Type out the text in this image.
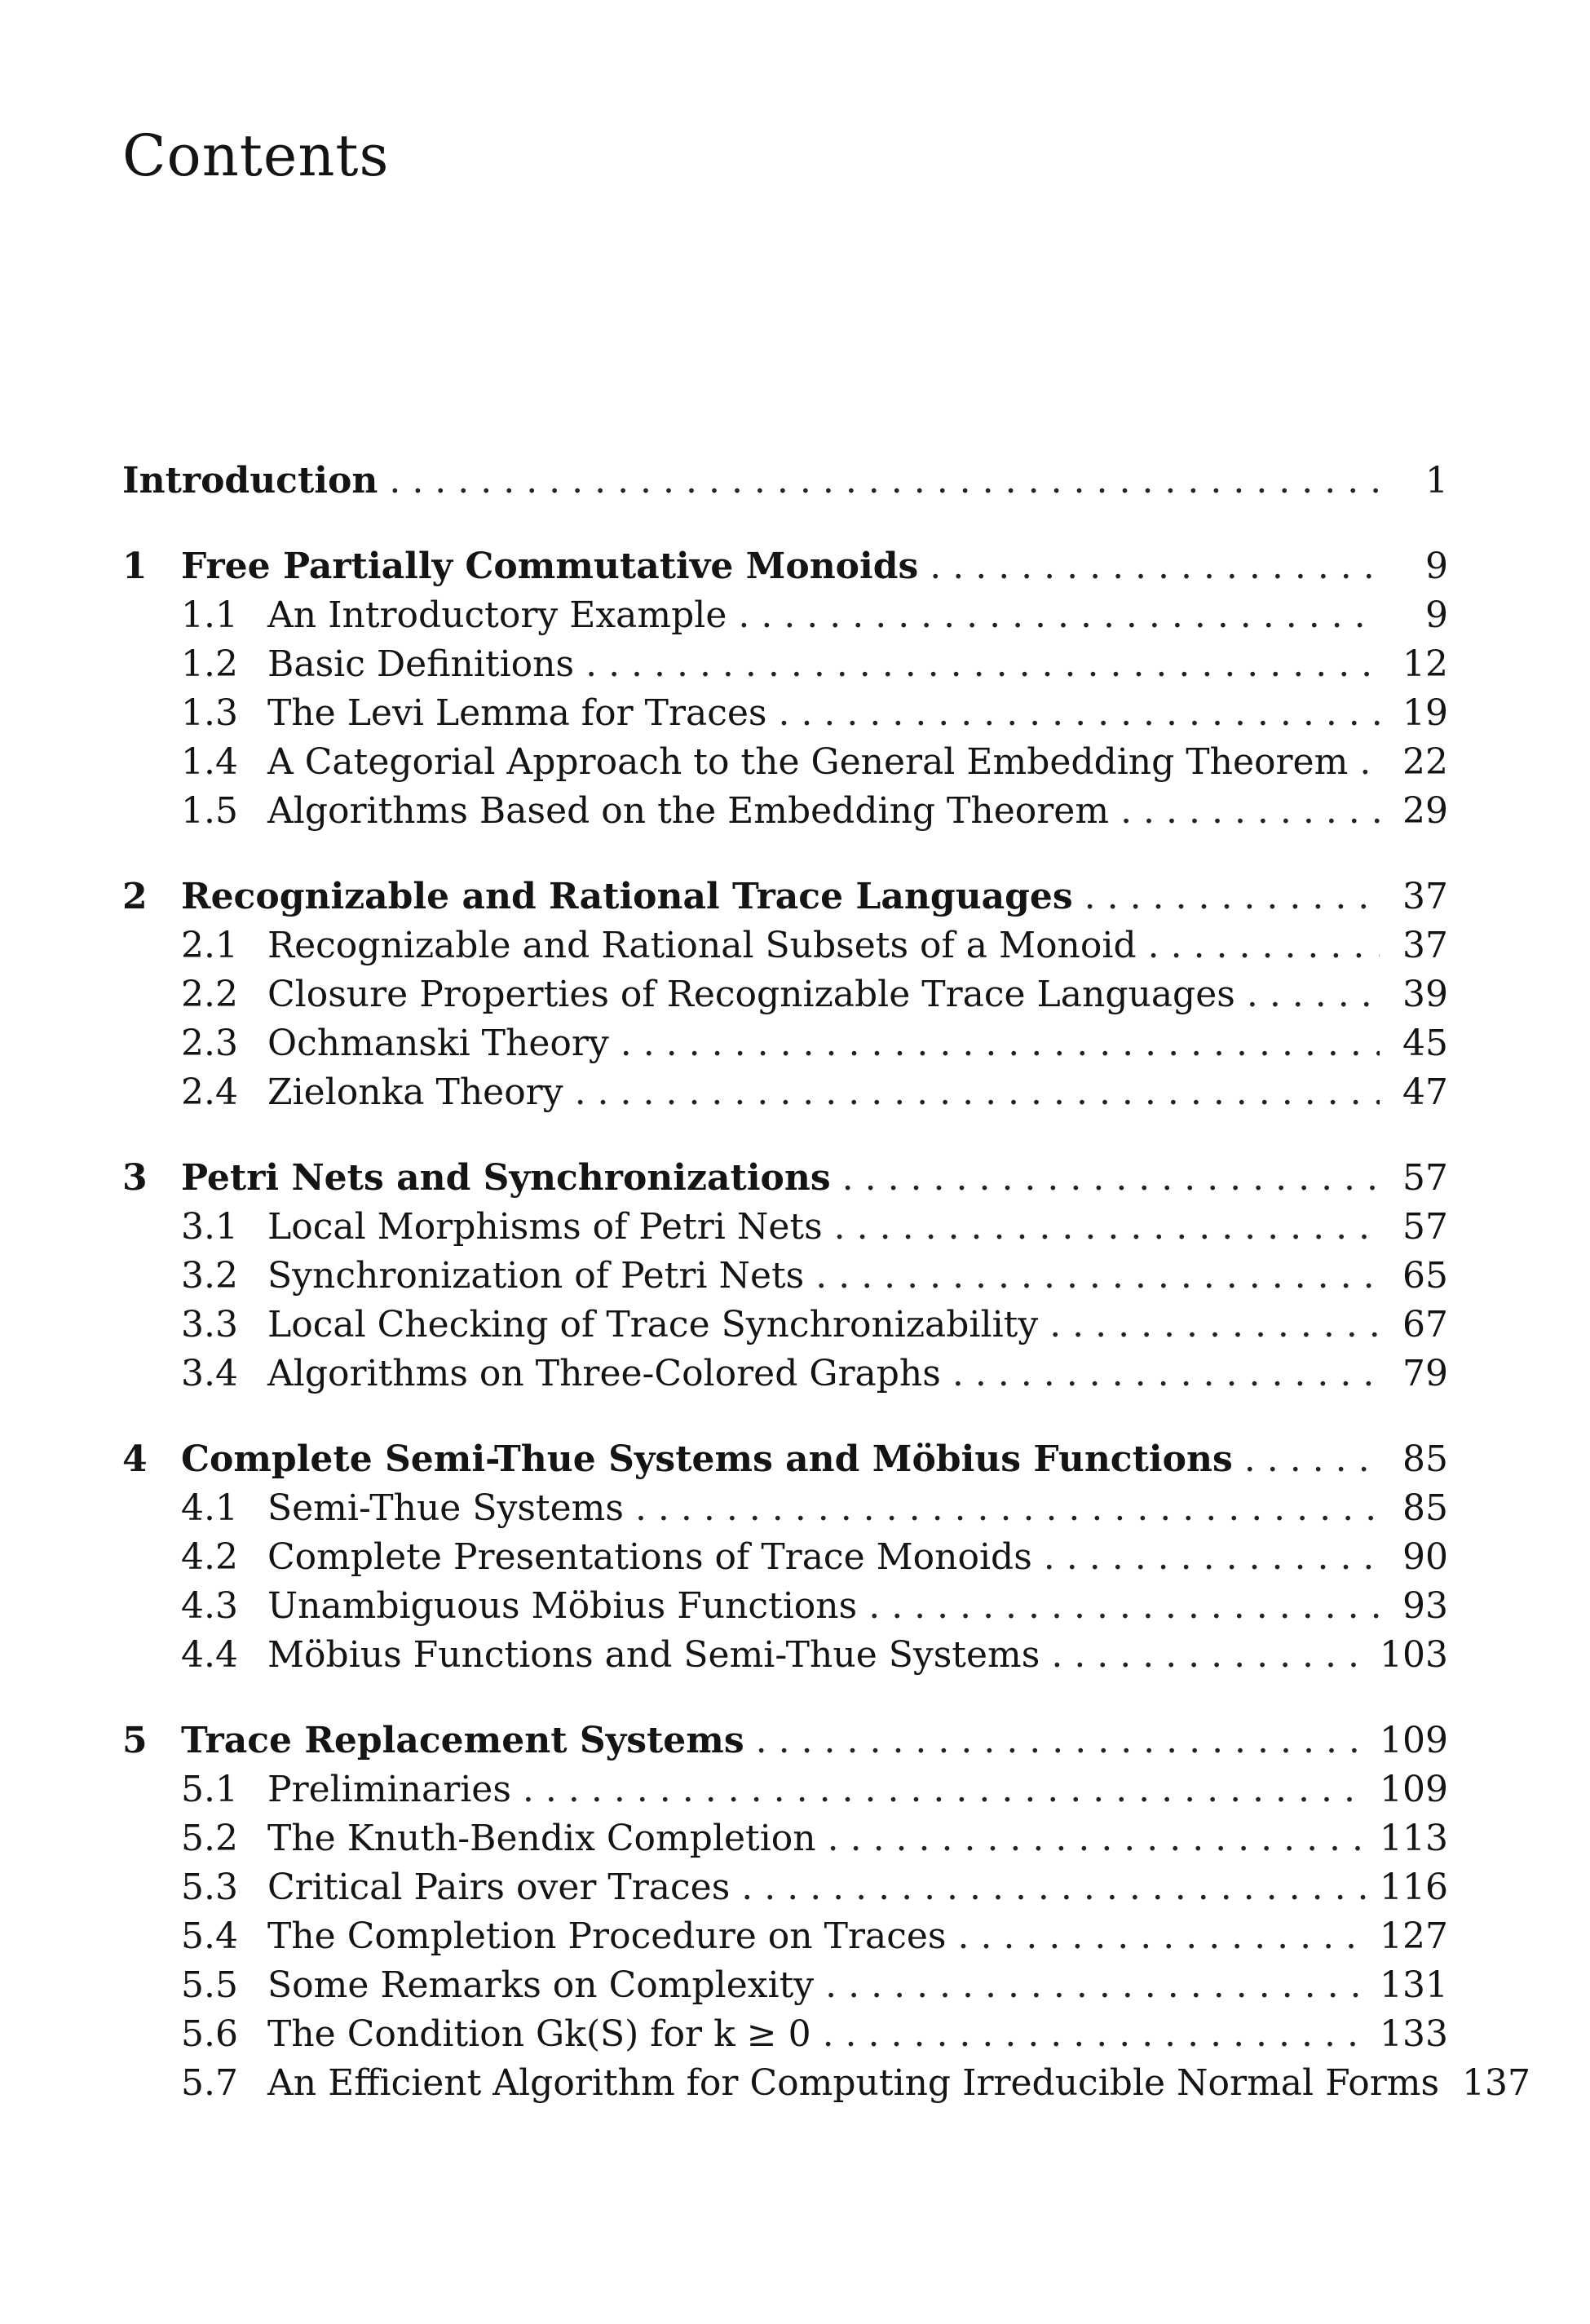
Contents
Introduction . . .	1
1 Free Partially Commutative Monoids . . .	9
1.1 An Introductory Example . . .	9
1.2 Basic Definitions . . .	12
1.3 The Levi Lemma for Traces . . .	19
1.4 A Categorial Approach to the General Embedding Theorem . . .	22
1.5 Algorithms Based on the Embedding Theorem . . .	29
2 Recognizable and Rational Trace Languages . . .	37
2.1 Recognizable and Rational Subsets of a Monoid . . .	37
2.2 Closure Properties of Recognizable Trace Languages . . .	39
2.3 Ochmanski Theory . . .	45
2.4 Zielonka Theory . . .	47
3 Petri Nets and Synchronizations . . .	57
3.1 Local Morphisms of Petri Nets . . .	57
3.2 Synchronization of Petri Nets . . .	65
3.3 Local Checking of Trace Synchronizability . . .	67
3.4 Algorithms on Three-Colored Graphs . . .	79
4 Complete Semi-Thue Systems and Möbius Functions . . .	85
4.1 Semi-Thue Systems . . .	85
4.2 Complete Presentations of Trace Monoids . . .	90
4.3 Unambiguous Möbius Functions . . .	93
4.4 Möbius Functions and Semi-Thue Systems . . .	103
5 Trace Replacement Systems . . .	109
5.1 Preliminaries . . .	109
5.2 The Knuth-Bendix Completion . . .	113
5.3 Critical Pairs over Traces . . .	116
5.4 The Completion Procedure on Traces . . .	127
5.5 Some Remarks on Complexity . . .	131
5.6 The Condition Gk(S) for k ≥ 0 . . .	133
5.7 An Efficient Algorithm for Computing Irreducible Normal Forms 137
